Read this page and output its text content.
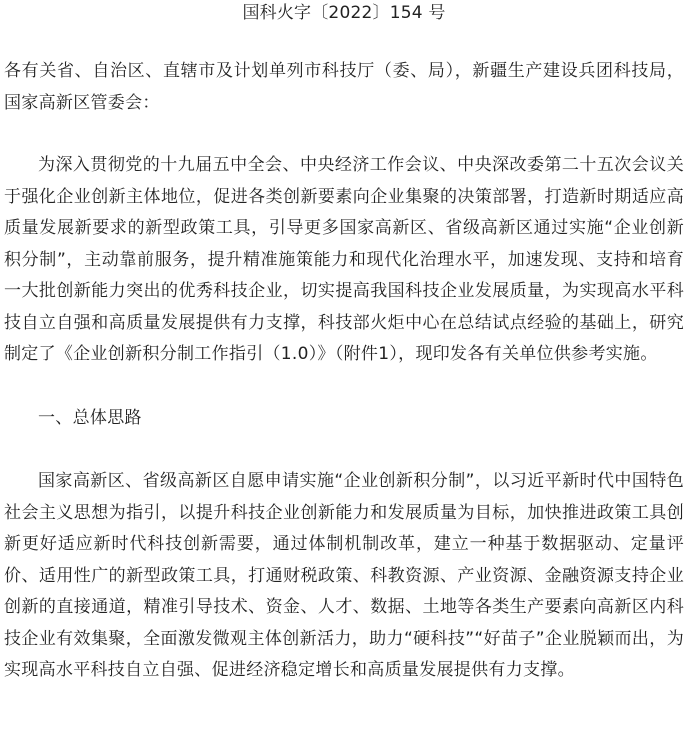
国科火字〔2022〕154 号

各有关省、自治区、直辖市及计划单列市科技厅（委、局），新疆生产建设兵团科技局，国家高新区管委会：

为深入贯彻党的十九届五中全会、中央经济工作会议、中央深改委第二十五次会议关于强化企业创新主体地位，促进各类创新要素向企业集聚的决策部署，打造新时期适应高质量发展新要求的新型政策工具，引导更多国家高新区、省级高新区通过实施“企业创新积分制”，主动靠前服务，提升精准施策能力和现代化治理水平，加速发现、支持和培育一大批创新能力突出的优秀科技企业，切实提高我国科技企业发展质量，为实现高水平科技自立自强和高质量发展提供有力支撑，科技部火炬中心在总结试点经验的基础上，研究制定了《企业创新积分制工作指引（1.0）》（附件1），现印发各有关单位供参考实施。

一、总体思路

国家高新区、省级高新区自愿申请实施“企业创新积分制”，以习近平新时代中国特色社会主义思想为指引，以提升科技企业创新能力和发展质量为目标，加快推进政策工具创新更好适应新时代科技创新需要，通过体制机制改革，建立一种基于数据驱动、定量评价、适用性广的新型政策工具，打通财税政策、科教资源、产业资源、金融资源支持企业创新的直接通道，精准引导技术、资金、人才、数据、土地等各类生产要素向高新区内科技企业有效集聚，全面激发微观主体创新活力，助力“硬科技”“好苗子”企业脱颖而出，为实现高水平科技自立自强、促进经济稳定增长和高质量发展提供有力支撑。
